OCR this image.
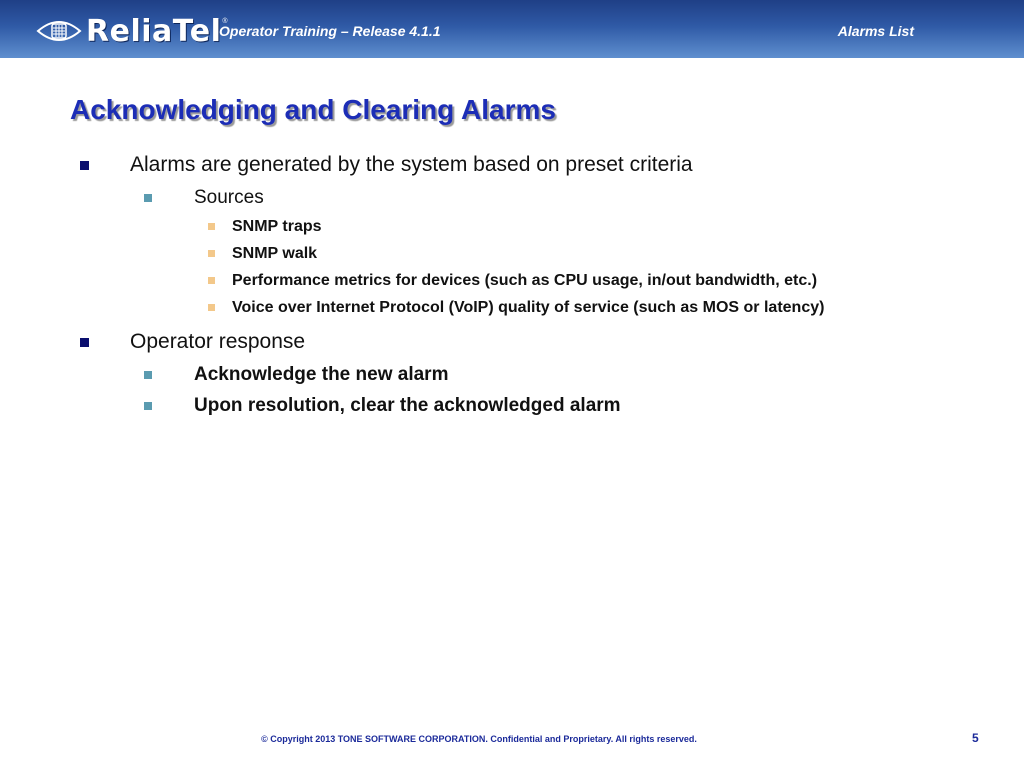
ReliaTel ®
Operator Training – Release 4.1.1	Alarms List
Acknowledging and Clearing Alarms
Alarms are generated by the system based on preset criteria
Sources
SNMP traps
SNMP walk
Performance metrics for devices (such as CPU usage, in/out bandwidth, etc.)
Voice over Internet Protocol (VoIP) quality of service (such as MOS or latency)
Operator response
Acknowledge the new alarm
Upon resolution, clear the acknowledged alarm
© Copyright 2013 TONE SOFTWARE CORPORATION. Confidential and Proprietary. All rights reserved.	5
